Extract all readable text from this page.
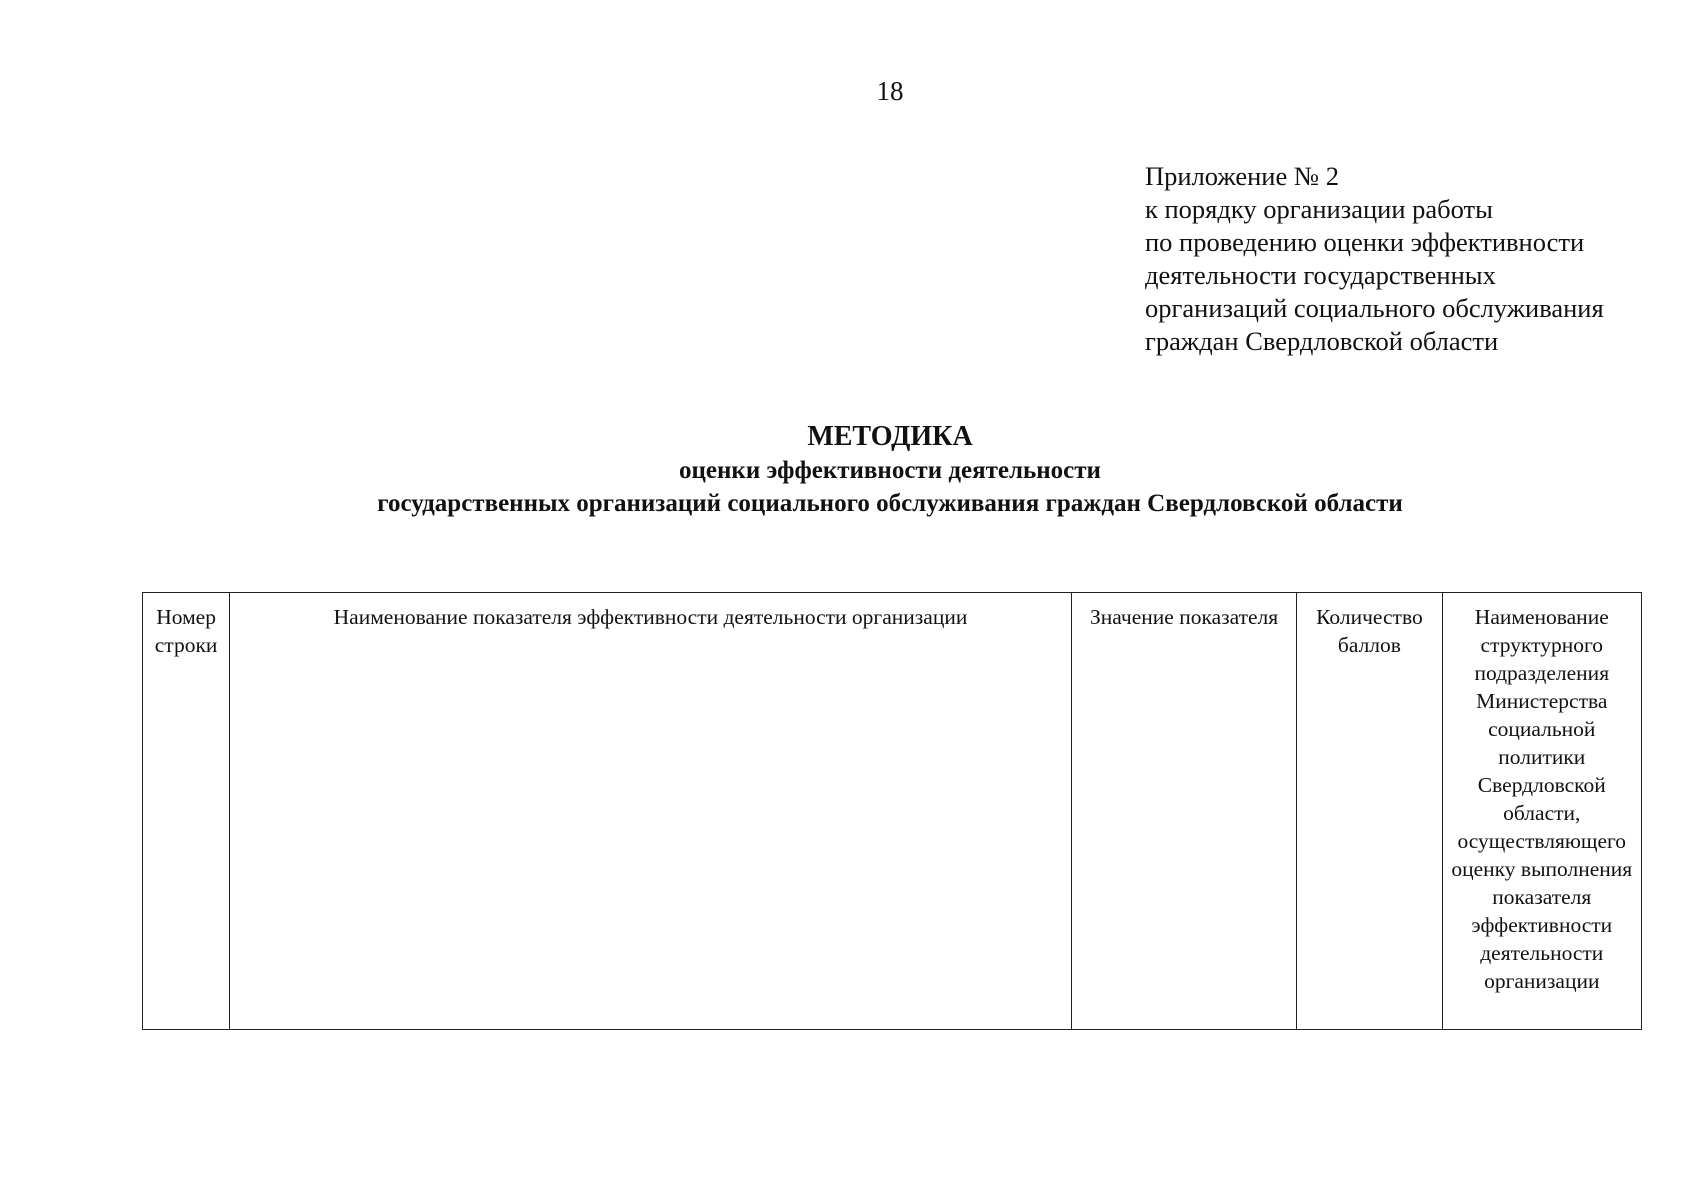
18
Приложение № 2
к порядку организации работы
по проведению оценки эффективности
деятельности государственных
организаций социального обслуживания
граждан Свердловской области
МЕТОДИКА
оценки эффективности деятельности
государственных организаций социального обслуживания граждан Свердловской области
Номер строки	Наименование показателя эффективности деятельности организации	Значение показателя	Количество баллов	Наименование структурного подразделения Министерства социальной политики Свердловской области, осуществляющего оценку выполнения показателя эффективности деятельности организации
